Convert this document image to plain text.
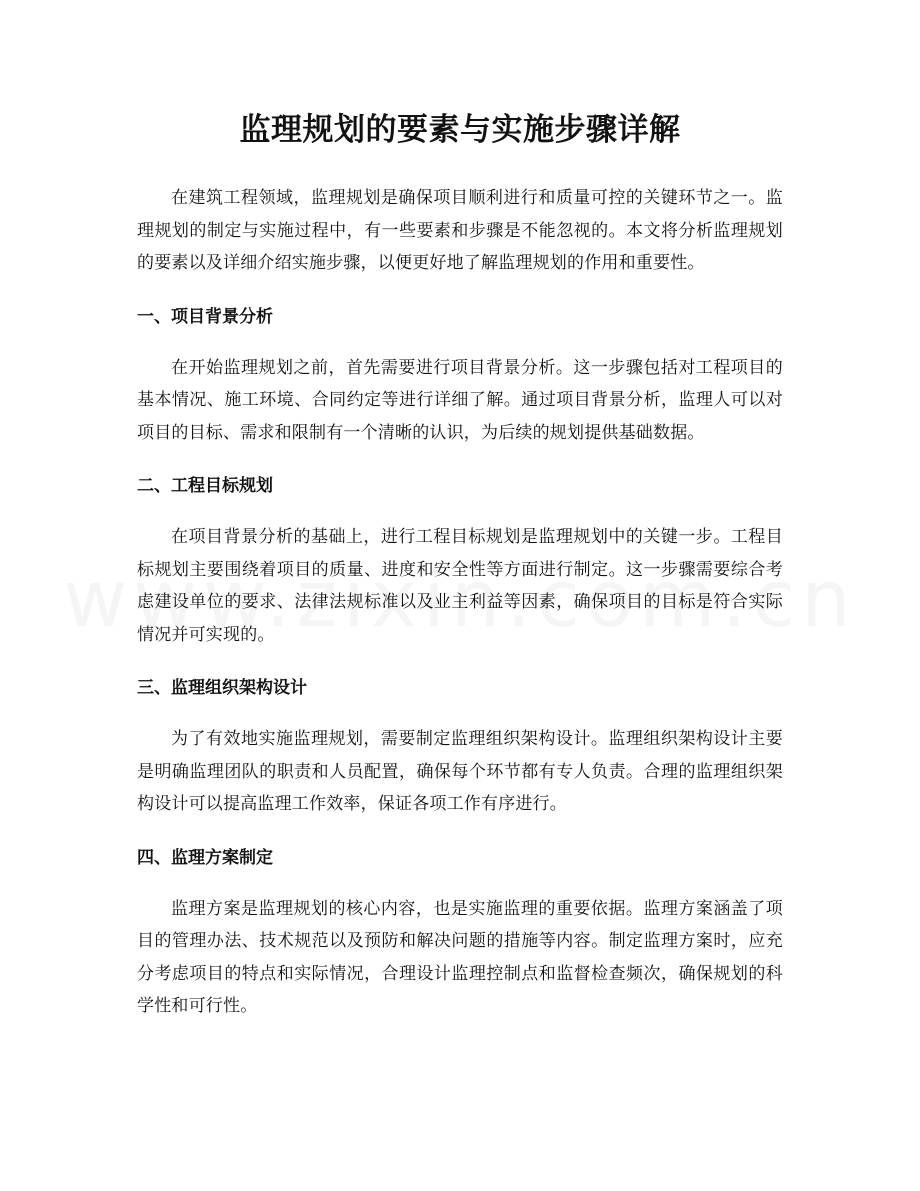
监理规划的要素与实施步骤详解

在建筑工程领域，监理规划是确保项目顺利进行和质量可控的关键环节之一。监理规划的制定与实施过程中，有一些要素和步骤是不能忽视的。本文将分析监理规划的要素以及详细介绍实施步骤，以便更好地了解监理规划的作用和重要性。

一、项目背景分析

在开始监理规划之前，首先需要进行项目背景分析。这一步骤包括对工程项目的基本情况、施工环境、合同约定等进行详细了解。通过项目背景分析，监理人可以对项目的目标、需求和限制有一个清晰的认识，为后续的规划提供基础数据。

二、工程目标规划

在项目背景分析的基础上，进行工程目标规划是监理规划中的关键一步。工程目标规划主要围绕着项目的质量、进度和安全性等方面进行制定。这一步骤需要综合考虑建设单位的要求、法律法规标准以及业主利益等因素，确保项目的目标是符合实际情况并可实现的。

三、监理组织架构设计

为了有效地实施监理规划，需要制定监理组织架构设计。监理组织架构设计主要是明确监理团队的职责和人员配置，确保每个环节都有专人负责。合理的监理组织架构设计可以提高监理工作效率，保证各项工作有序进行。

四、监理方案制定

监理方案是监理规划的核心内容，也是实施监理的重要依据。监理方案涵盖了项目的管理办法、技术规范以及预防和解决问题的措施等内容。制定监理方案时，应充分考虑项目的特点和实际情况，合理设计监理控制点和监督检查频次，确保规划的科学性和可行性。
